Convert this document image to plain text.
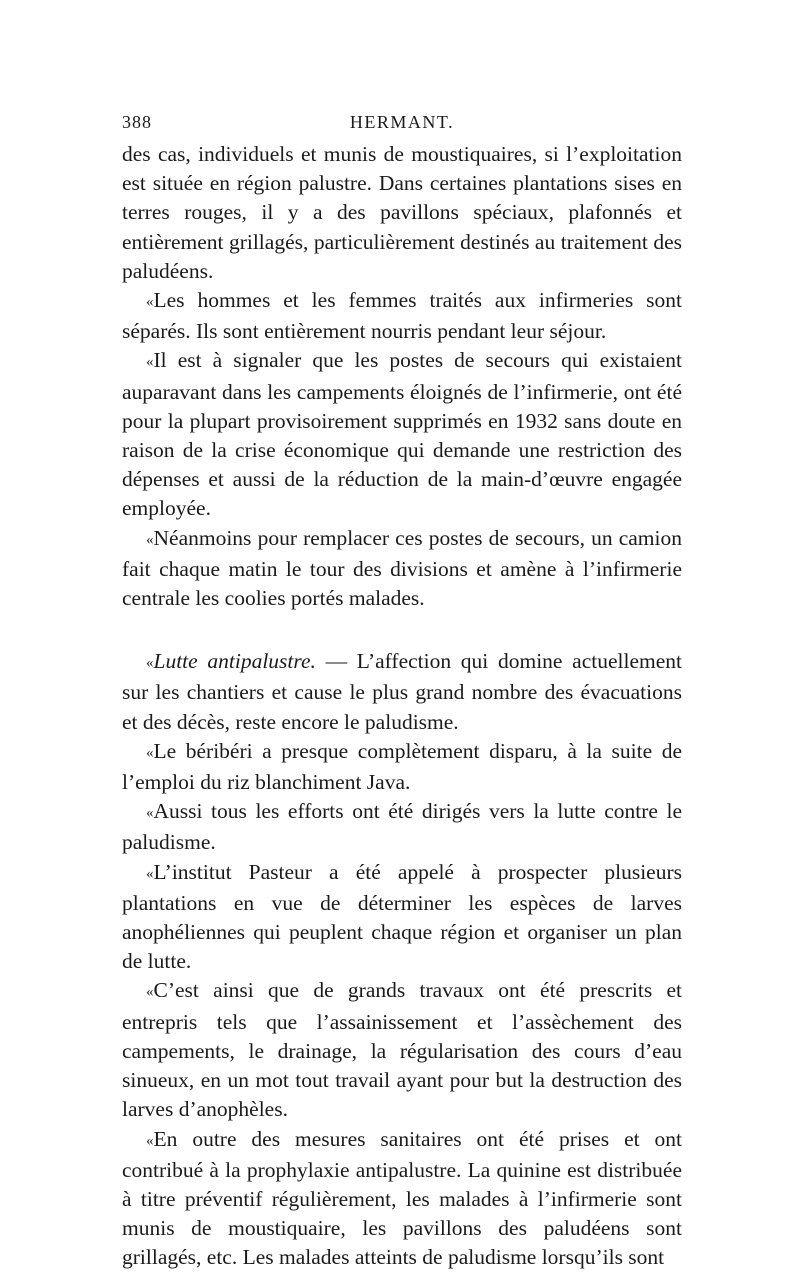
388	HERMANT.

des cas, individuels et munis de moustiquaires, si l’exploitation est située en région palustre. Dans certaines plantations sises en terres rouges, il y a des pavillons spéciaux, plafonnés et entièrement grillagés, particulièrement destinés au traitement des paludéens.

«Les hommes et les femmes traités aux infirmeries sont séparés. Ils sont entièrement nourris pendant leur séjour.

«Il est à signaler que les postes de secours qui existaient auparavant dans les campements éloignés de l’infirmerie, ont été pour la plupart provisoirement supprimés en 1932 sans doute en raison de la crise économique qui demande une restriction des dépenses et aussi de la réduction de la main-d’œuvre engagée employée.

«Néanmoins pour remplacer ces postes de secours, un camion fait chaque matin le tour des divisions et amène à l’infirmerie centrale les coolies portés malades.

«Lutte antipalustre. — L’affection qui domine actuellement sur les chantiers et cause le plus grand nombre des évacuations et des décès, reste encore le paludisme.

«Le béribéri a presque complètement disparu, à la suite de l’emploi du riz blanchiment Java.

«Aussi tous les efforts ont été dirigés vers la lutte contre le paludisme.

«L’institut Pasteur a été appelé à prospecter plusieurs plantations en vue de déterminer les espèces de larves anophéliennes qui peuplent chaque région et organiser un plan de lutte.

«C’est ainsi que de grands travaux ont été prescrits et entrepris tels que l’assainissement et l’assèchement des campements, le drainage, la régularisation des cours d’eau sinueux, en un mot tout travail ayant pour but la destruction des larves d’anophèles.

«En outre des mesures sanitaires ont été prises et ont contribué à la prophylaxie antipalustre. La quinine est distribuée à titre préventif régulièrement, les malades à l’infirmerie sont munis de moustiquaire, les pavillons des paludéens sont grillagés, etc. Les malades atteints de paludisme lorsqu’ils sont
